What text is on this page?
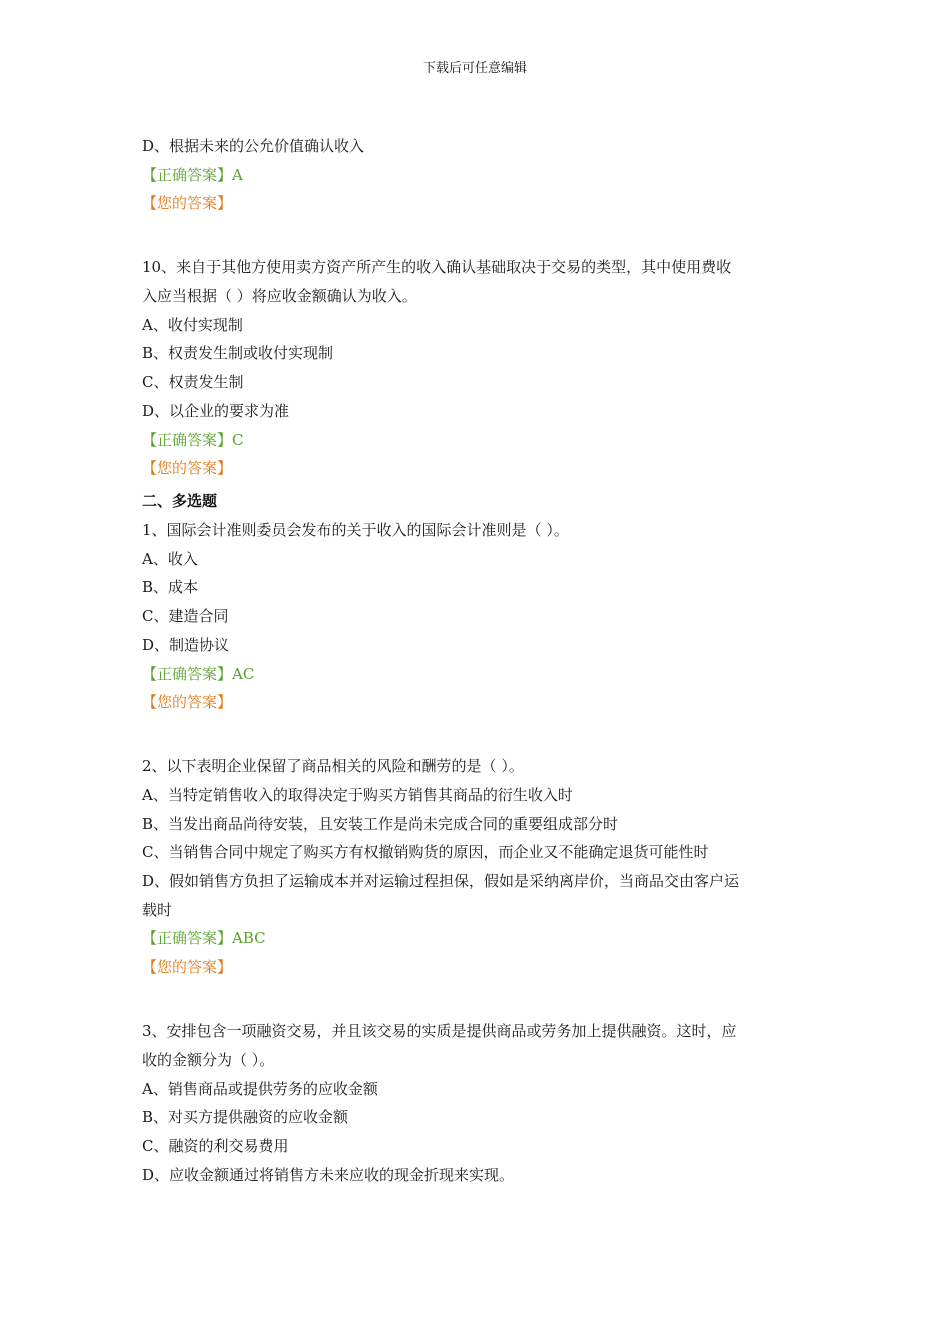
下载后可任意编辑
D、根据未来的公允价值确认收入
【正确答案】A
【您的答案】
10、来自于其他方使用卖方资产所产生的收入确认基础取决于交易的类型，其中使用费收
入应当根据（ ）将应收金额确认为收入。
A、收付实现制
B、权责发生制或收付实现制
C、权责发生制
D、以企业的要求为准
【正确答案】C
【您的答案】
二、多选题
1、国际会计准则委员会发布的关于收入的国际会计准则是（ ）。
A、收入
B、成本
C、建造合同
D、制造协议
【正确答案】AC
【您的答案】
2、以下表明企业保留了商品相关的风险和酬劳的是（ ）。
A、当特定销售收入的取得决定于购买方销售其商品的衍生收入时
B、当发出商品尚待安装，且安装工作是尚未完成合同的重要组成部分时
C、当销售合同中规定了购买方有权撤销购货的原因，而企业又不能确定退货可能性时
D、假如销售方负担了运输成本并对运输过程担保，假如是采纳离岸价，当商品交由客户运
载时
【正确答案】ABC
【您的答案】
3、安排包含一项融资交易，并且该交易的实质是提供商品或劳务加上提供融资。这时，应
收的金额分为（ ）。
A、销售商品或提供劳务的应收金额
B、对买方提供融资的应收金额
C、融资的利交易费用
D、应收金额通过将销售方未来应收的现金折现来实现。
